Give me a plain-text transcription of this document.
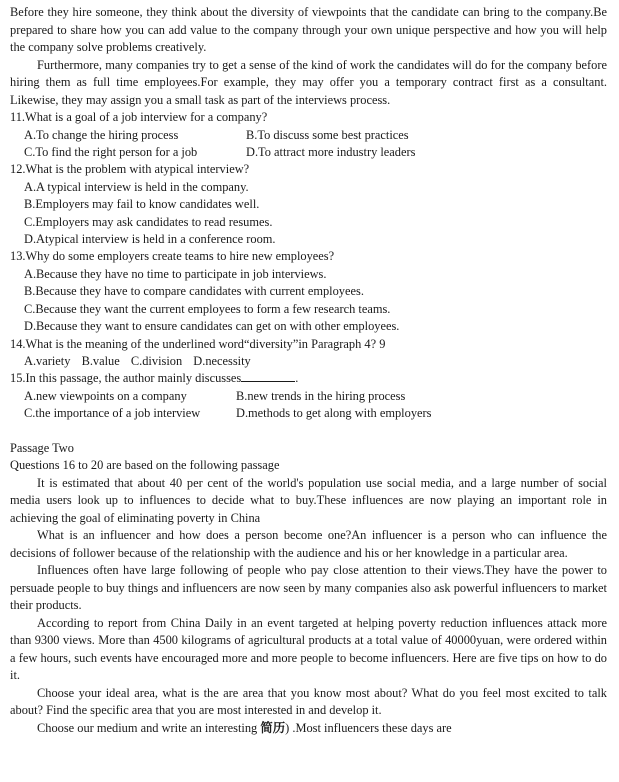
Before they hire someone, they think about the diversity of viewpoints that the candidate can bring to the company.Be prepared to share how you can add value to the company through your own unique perspective and how you will help the company solve problems creatively.
Furthermore, many companies try to get a sense of the kind of work the candidates will do for the company before hiring them as full time employees.For example, they may offer you a temporary contract first as a consultant. Likewise, they may assign you a small task as part of the interviews process.
11.What is a goal of a job interview for a company?
A.To change the hiring process	B.To discuss some best practices
C.To find the right person for a job	D.To attract more industry leaders
12.What is the problem with atypical interview?
A.A typical interview is held in the company.
B.Employers may fail to know candidates well.
C.Employers may ask candidates to read resumes.
D.Atypical interview is held in a conference room.
13.Why do some employers create teams to hire new employees?
A.Because they have no time to participate in job interviews.
B.Because they have to compare candidates with current employees.
C.Because they want the current employees to form a few research teams.
D.Because they want to ensure candidates can get on with other employees.
14.What is the meaning of the underlined word“diversity”in Paragraph 4? 9
A.variety B.value C.division D.necessity
15.In this passage, the author mainly discusses	.
A.new viewpoints on a company	B.new trends in the hiring process
C.the importance of a job interview	D.methods to get along with employers
Passage Two
Questions 16 to 20 are based on the following passage
It is estimated that about 40 per cent of the world's population use social media, and a large number of social media users look up to influences to decide what to buy.These influences are now playing an important role in achieving the goal of eliminating poverty in China
What is an influencer and how does a person become one?An influencer is a person who can influence the decisions of follower because of the relationship with the audience and his or her knowledge in a particular area.
Influences often have large following of people who pay close attention to their views.They have the power to persuade people to buy things and influencers are now seen by many companies also ask powerful influencers to market their products.
According to report from China Daily in an event targeted at helping poverty reduction influences attack more than 9300 views. More than 4500 kilograms of agricultural products at a total value of 40000yuan, were ordered within a few hours, such events have encouraged more and more people to become influencers. Here are five tips on how to do it.
Choose your ideal area, what is the are area that you know most about? What do you feel most excited to talk about? Find the specific area that you are most interested in and develop it.
Choose our medium and write an interesting 简历) .Most influencers these days are
